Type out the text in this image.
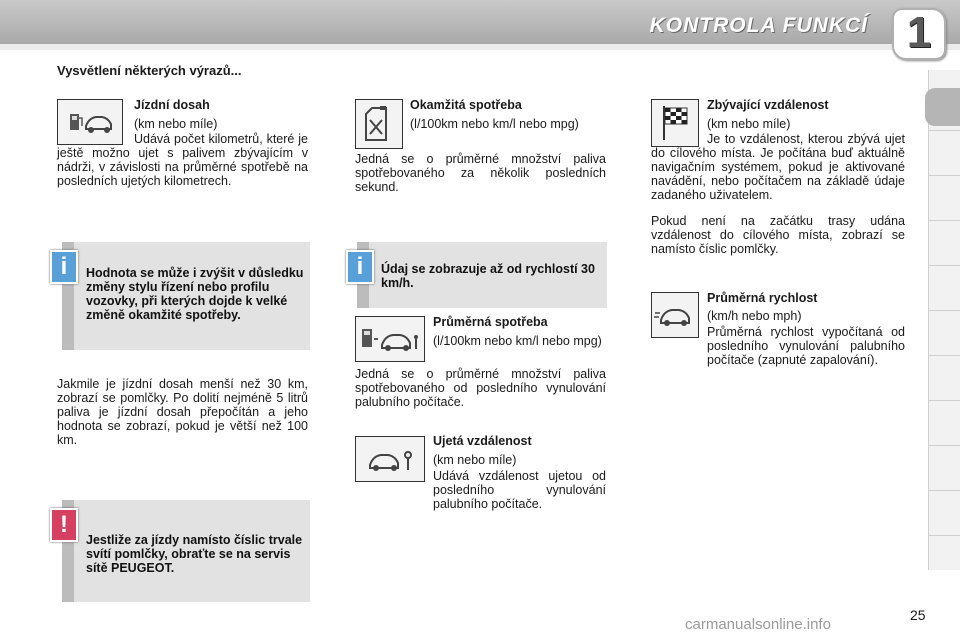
KONTROLA FUNKCÍ 1
Vysvětlení některých výrazů...
Jízdní dosah
(km nebo míle)
Udává počet kilometrů, které je ještě možno ujet s palivem zbývajícím v nádrži, v závislosti na průměrné spotřebě na posledních ujetých kilometrech.
i	Hodnota se může i zvýšit v důsledku změny stylu řízení nebo profilu vozovky, při kterých dojde k velké změně okamžité spotřeby.
Jakmile je jízdní dosah menší než 30 km, zobrazí se pomlčky. Po dolití nejméně 5 litrů paliva je jízdní dosah přepočítán a jeho hodnota se zobrazí, pokud je větší než 100 km.
!
Jestliže za jízdy namísto číslic trvale svítí pomlčky, obraťte se na servis sítě PEUGEOT.
Okamžitá spotřeba
(l/100km nebo km/l nebo mpg)
Jedná se o průměrné množství paliva spotřebovaného za několik posledních sekund.
i	Údaj se zobrazuje až od rychlostí 30 km/h.
Průměrná spotřeba
(l/100km nebo km/l nebo mpg)
Jedná se o průměrné množství paliva spotřebovaného od posledního vynulování palubního počítače.
Ujetá vzdálenost
(km nebo míle)
Udává vzdálenost ujetou od posledního vynulování palubního počítače.
Zbývající vzdálenost
(km nebo míle)
Je to vzdálenost, kterou zbývá ujet do cílového místa. Je počítána buď aktuálně navigačním systémem, pokud je aktivované navádění, nebo počítačem na základě údaje zadaného uživatelem.
Pokud není na začátku trasy udána vzdálenost do cílového místa, zobrazí se namísto číslic pomlčky.
Průměrná rychlost
(km/h nebo mph)
Průměrná rychlost vypočítaná od posledního vynulování palubního počítače (zapnuté zapalování).
25
carmanualsonline.info
